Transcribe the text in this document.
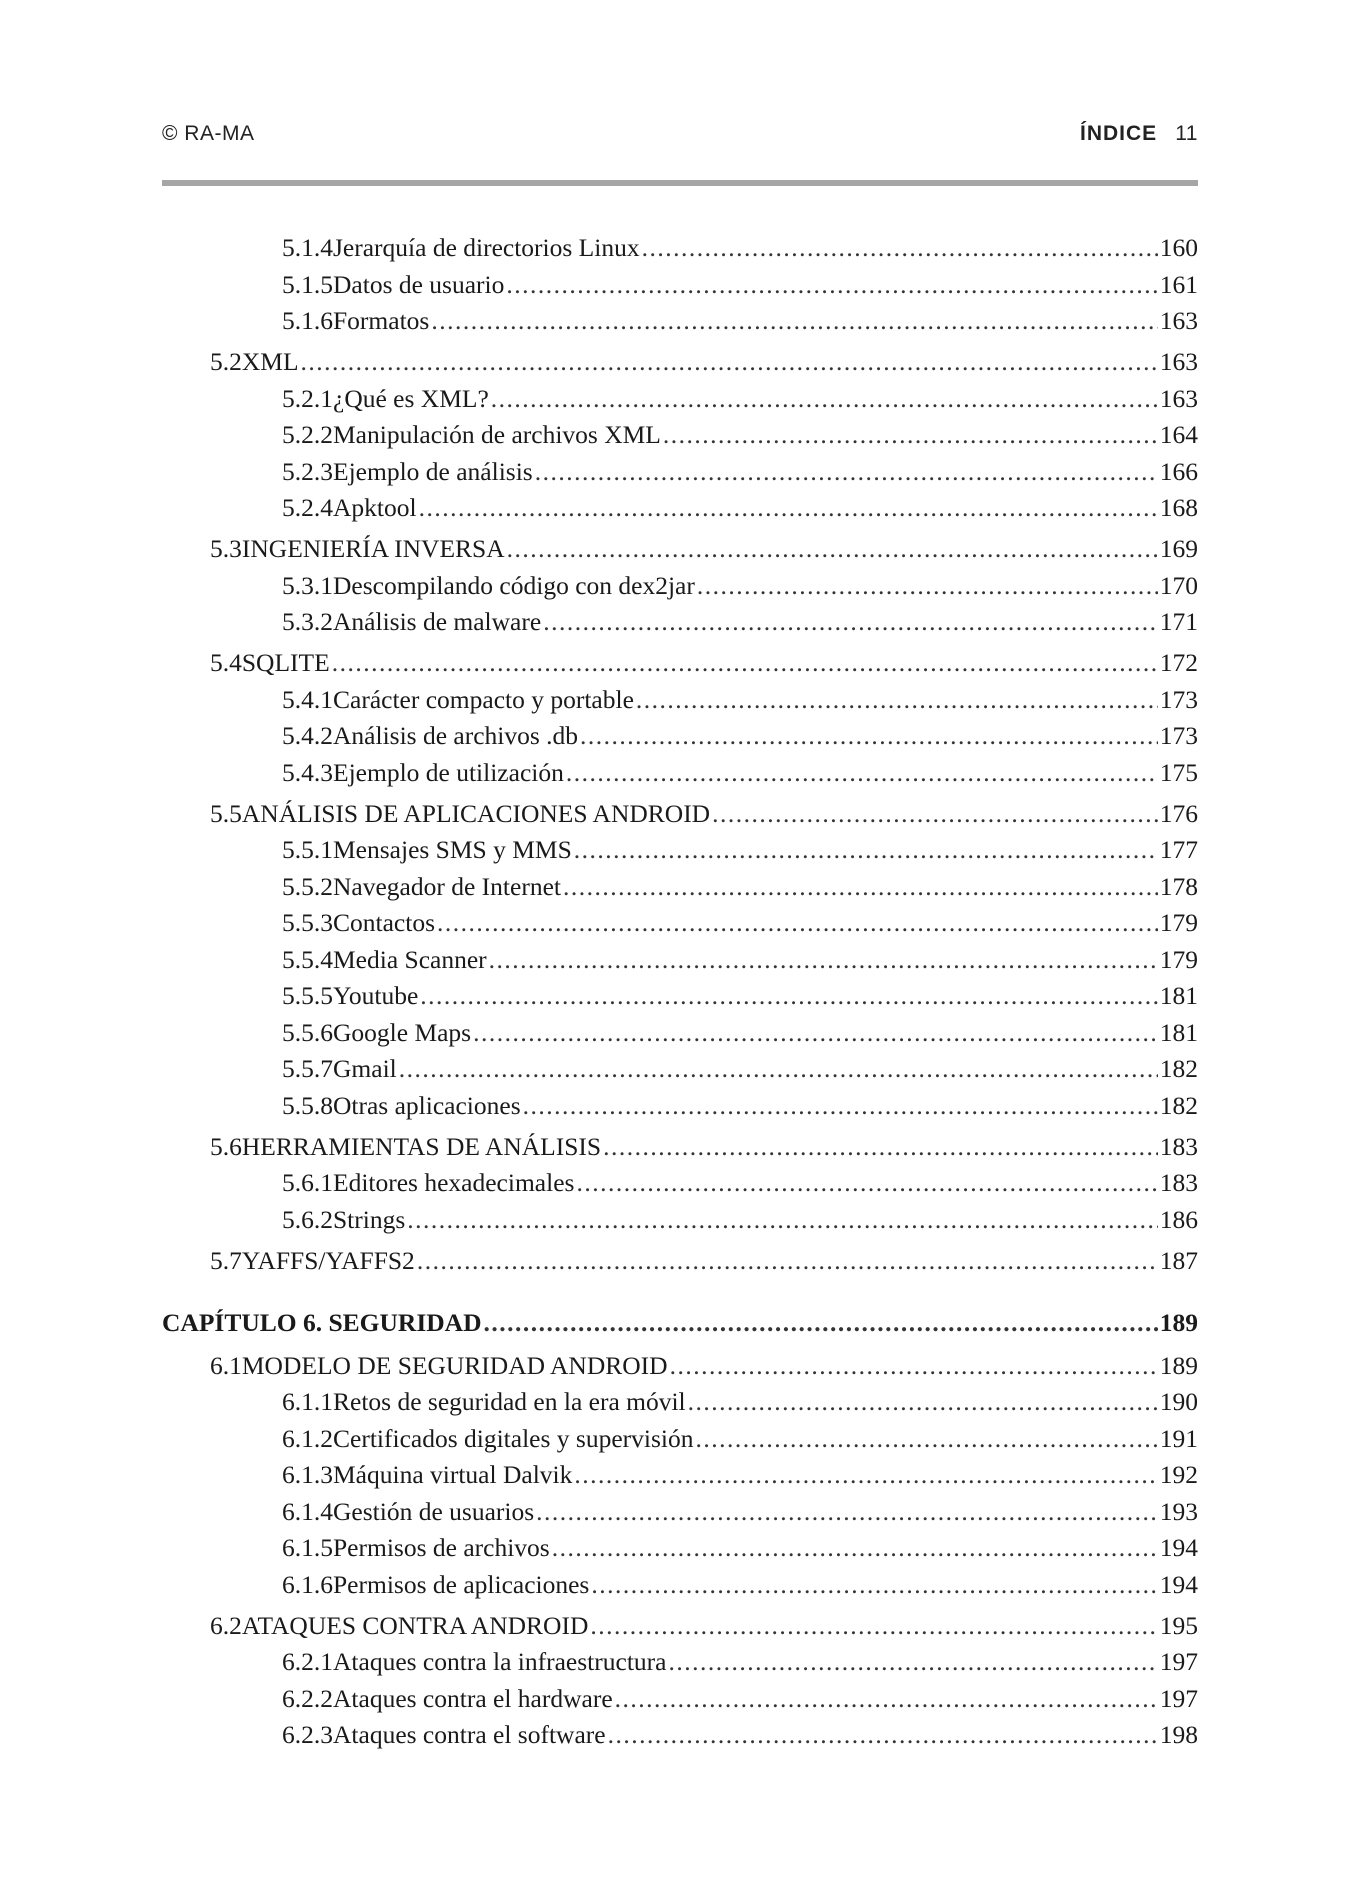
© RA-MA	ÍNDICE 11
5.1.4 Jerarquía de directorios Linux .....	160
5.1.5 Datos de usuario .....	161
5.1.6 Formatos .....	163
5.2 XML .....	163
5.2.1 ¿Qué es XML? .....	163
5.2.2 Manipulación de archivos XML .....	164
5.2.3 Ejemplo de análisis .....	166
5.2.4 Apktool .....	168
5.3 INGENIERÍA INVERSA .....	169
5.3.1 Descompilando código con dex2jar .....	170
5.3.2 Análisis de malware .....	171
5.4 SQLITE .....	172
5.4.1 Carácter compacto y portable .....	173
5.4.2 Análisis de archivos .db .....	173
5.4.3 Ejemplo de utilización .....	175
5.5 ANÁLISIS DE APLICACIONES ANDROID .....	176
5.5.1 Mensajes SMS y MMS .....	177
5.5.2 Navegador de Internet .....	178
5.5.3 Contactos .....	179
5.5.4 Media Scanner .....	179
5.5.5 Youtube .....	181
5.5.6 Google Maps .....	181
5.5.7 Gmail .....	182
5.5.8 Otras aplicaciones .....	182
5.6 HERRAMIENTAS DE ANÁLISIS .....	183
5.6.1 Editores hexadecimales .....	183
5.6.2 Strings .....	186
5.7 YAFFS/YAFFS2 .....	187
CAPÍTULO 6. SEGURIDAD .....	189
6.1 MODELO DE SEGURIDAD ANDROID .....	189
6.1.1 Retos de seguridad en la era móvil .....	190
6.1.2 Certificados digitales y supervisión .....	191
6.1.3 Máquina virtual Dalvik .....	192
6.1.4 Gestión de usuarios .....	193
6.1.5 Permisos de archivos .....	194
6.1.6 Permisos de aplicaciones .....	194
6.2 ATAQUES CONTRA ANDROID .....	195
6.2.1 Ataques contra la infraestructura .....	197
6.2.2 Ataques contra el hardware .....	197
6.2.3 Ataques contra el software .....	198
